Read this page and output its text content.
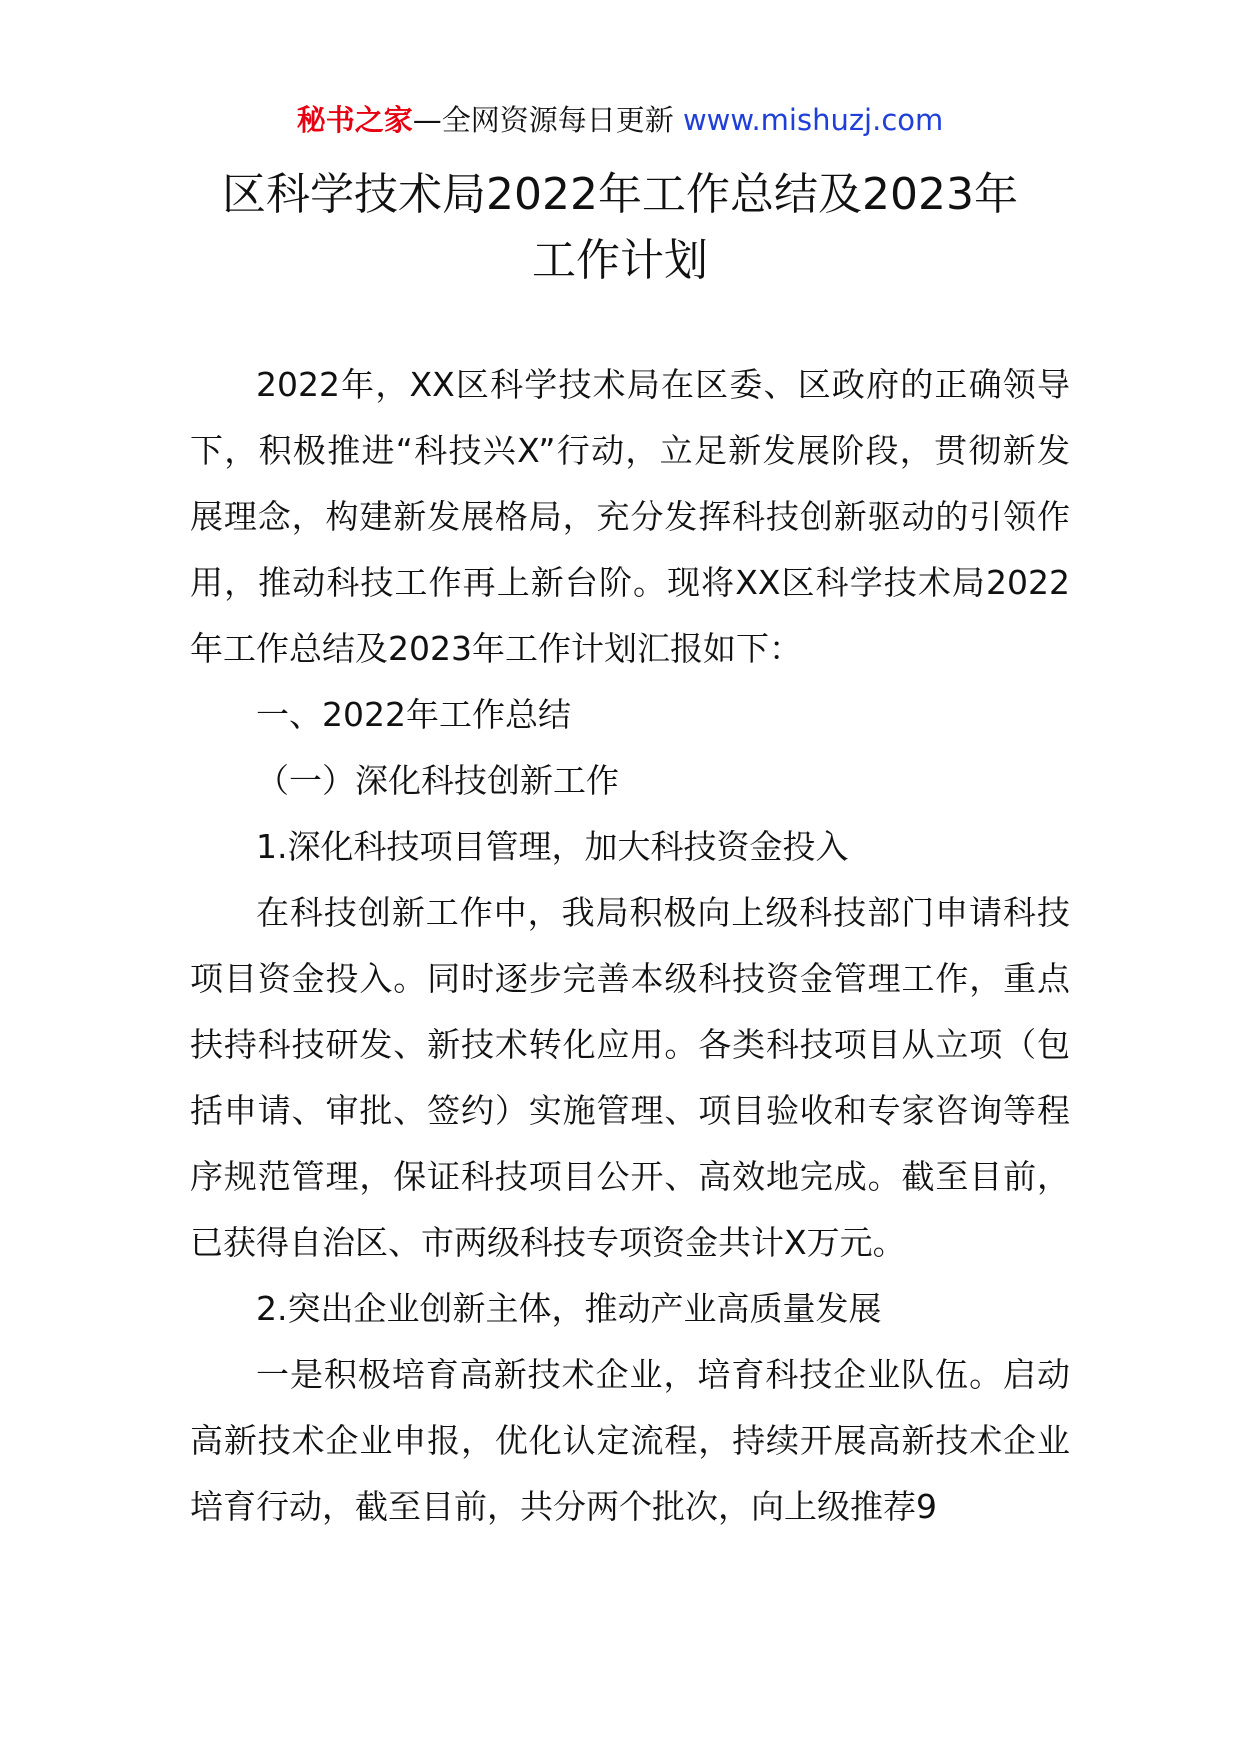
秘书之家—全网资源每日更新 www.mishuzj.com
区科学技术局2022年工作总结及2023年
工作计划

2022年，XX区科学技术局在区委、区政府的正确领导下，积极推进“科技兴X”行动，立足新发展阶段，贯彻新发展理念，构建新发展格局，充分发挥科技创新驱动的引领作用，推动科技工作再上新台阶。现将XX区科学技术局2022年工作总结及2023年工作计划汇报如下：

一、2022年工作总结

（一）深化科技创新工作

1.深化科技项目管理，加大科技资金投入

在科技创新工作中，我局积极向上级科技部门申请科技项目资金投入。同时逐步完善本级科技资金管理工作，重点扶持科技研发、新技术转化应用。各类科技项目从立项（包括申请、审批、签约）实施管理、项目验收和专家咨询等程序规范管理，保证科技项目公开、高效地完成。截至目前，已获得自治区、市两级科技专项资金共计X万元。

2.突出企业创新主体，推动产业高质量发展

一是积极培育高新技术企业，培育科技企业队伍。启动高新技术企业申报，优化认定流程，持续开展高新技术企业培育行动，截至目前，共分两个批次，向上级推荐9
